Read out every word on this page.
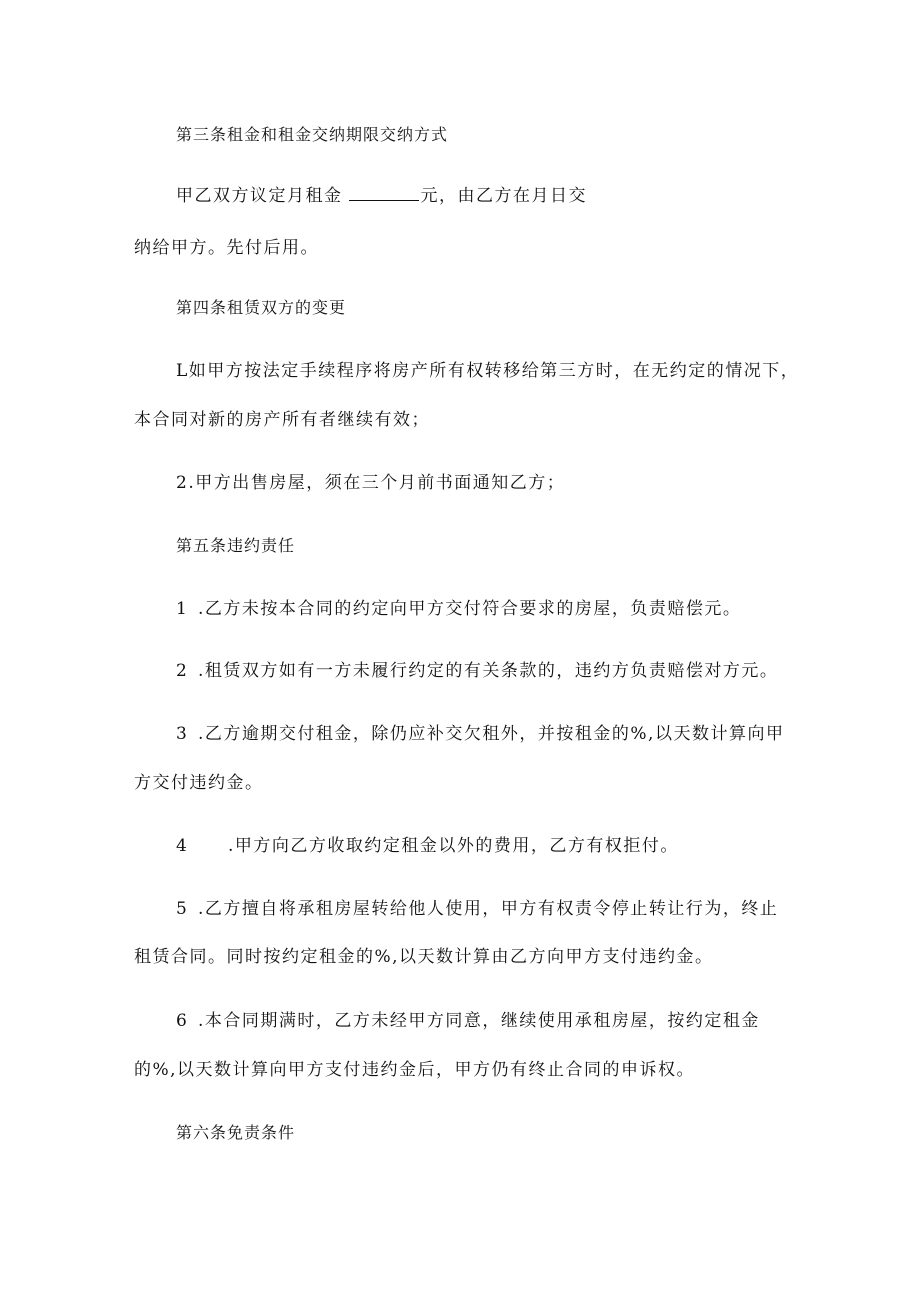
第三条租金和租金交纳期限交纳方式
甲乙双方议定月租金	元，由乙方在月日交
纳给甲方。先付后用。
第四条租赁双方的变更
L如甲方按法定手续程序将房产所有权转移给第三方时，在无约定的情况下，
本合同对新的房产所有者继续有效；
2.甲方出售房屋，须在三个月前书面通知乙方；
第五条违约责任
1 .乙方未按本合同的约定向甲方交付符合要求的房屋，负责赔偿元。
2 .租赁双方如有一方未履行约定的有关条款的，违约方负责赔偿对方元。
3 .乙方逾期交付租金，除仍应补交欠租外，并按租金的%,以天数计算向甲
方交付违约金。
4 .甲方向乙方收取约定租金以外的费用，乙方有权拒付。
5 .乙方擅自将承租房屋转给他人使用，甲方有权责令停止转让行为，终止
租赁合同。同时按约定租金的%,以天数计算由乙方向甲方支付违约金。
6 .本合同期满时，乙方未经甲方同意，继续使用承租房屋，按约定租金
的%,以天数计算向甲方支付违约金后，甲方仍有终止合同的申诉权。
第六条免责条件
